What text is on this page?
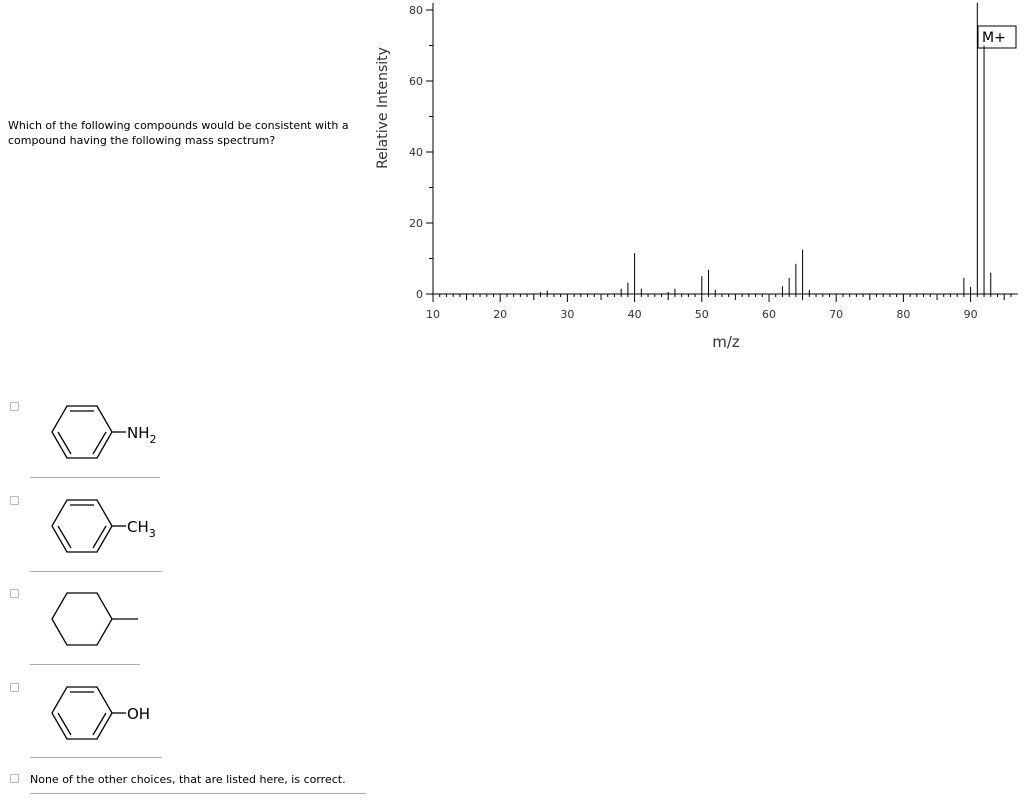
Which of the following compounds would be consistent with a compound having the following mass spectrum?
0
20
40
60
80
10	20	30	40	50	60	70	80	90
Relative Intensity
m/z
M+
$NH_2$
$CH_3$
OH
None of the other choices, that are listed here, is correct.
